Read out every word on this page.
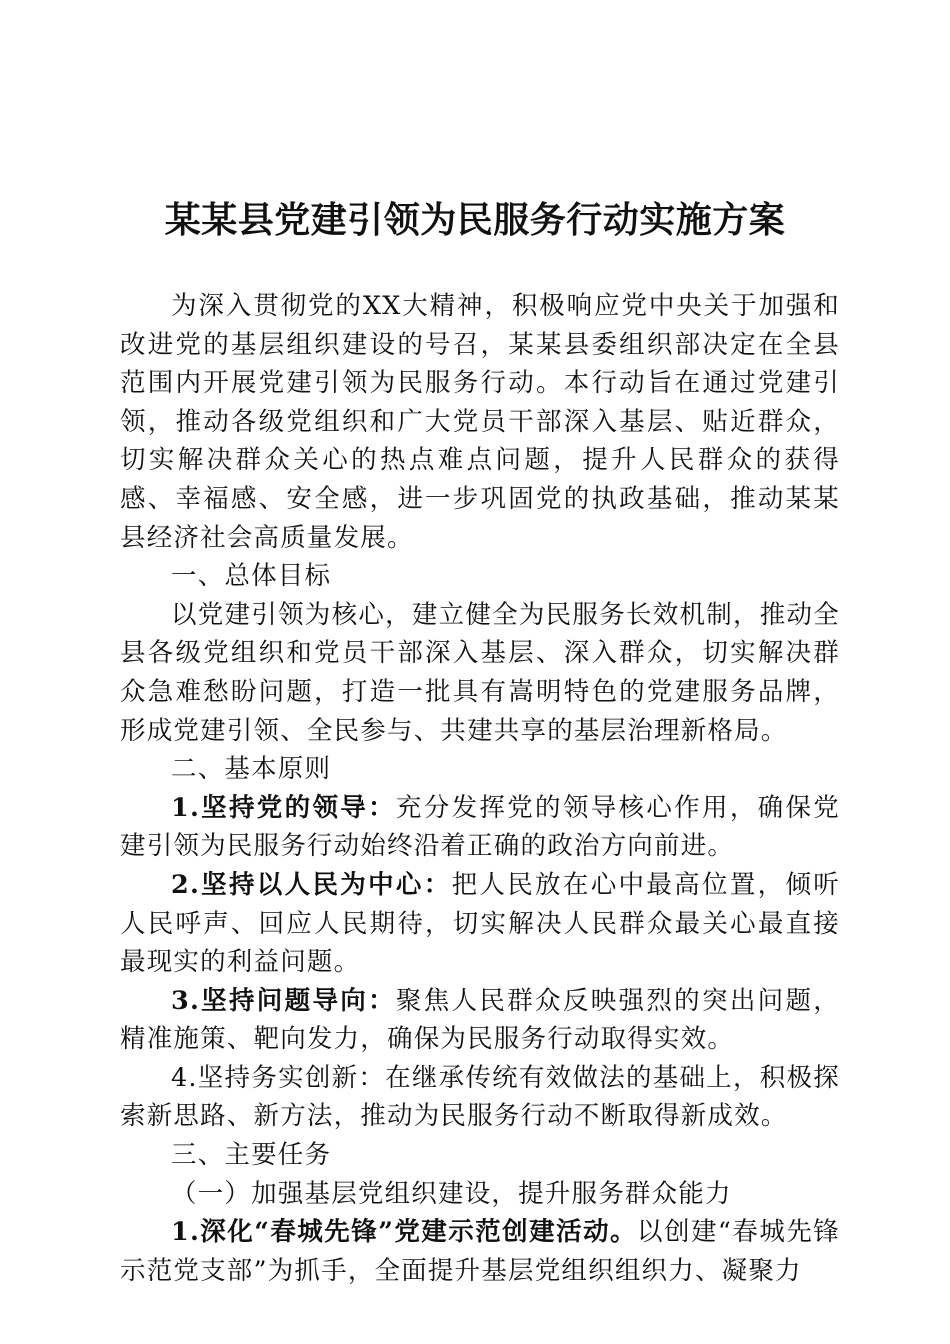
某某县党建引领为民服务行动实施方案

为深入贯彻党的XX大精神，积极响应党中央关于加强和改进党的基层组织建设的号召，某某县委组织部决定在全县范围内开展党建引领为民服务行动。本行动旨在通过党建引领，推动各级党组织和广大党员干部深入基层、贴近群众，切实解决群众关心的热点难点问题，提升人民群众的获得感、幸福感、安全感，进一步巩固党的执政基础，推动某某县经济社会高质量发展。

一、总体目标

以党建引领为核心，建立健全为民服务长效机制，推动全县各级党组织和党员干部深入基层、深入群众，切实解决群众急难愁盼问题，打造一批具有嵩明特色的党建服务品牌，形成党建引领、全民参与、共建共享的基层治理新格局。

二、基本原则

1.坚持党的领导：充分发挥党的领导核心作用，确保党建引领为民服务行动始终沿着正确的政治方向前进。

2.坚持以人民为中心：把人民放在心中最高位置，倾听人民呼声、回应人民期待，切实解决人民群众最关心最直接最现实的利益问题。

3.坚持问题导向：聚焦人民群众反映强烈的突出问题，精准施策、靶向发力，确保为民服务行动取得实效。

4.坚持务实创新：在继承传统有效做法的基础上，积极探索新思路、新方法，推动为民服务行动不断取得新成效。

三、主要任务

（一）加强基层党组织建设，提升服务群众能力

1.深化“春城先锋”党建示范创建活动。以创建“春城先锋示范党支部”为抓手，全面提升基层党组织组织力、凝聚力
